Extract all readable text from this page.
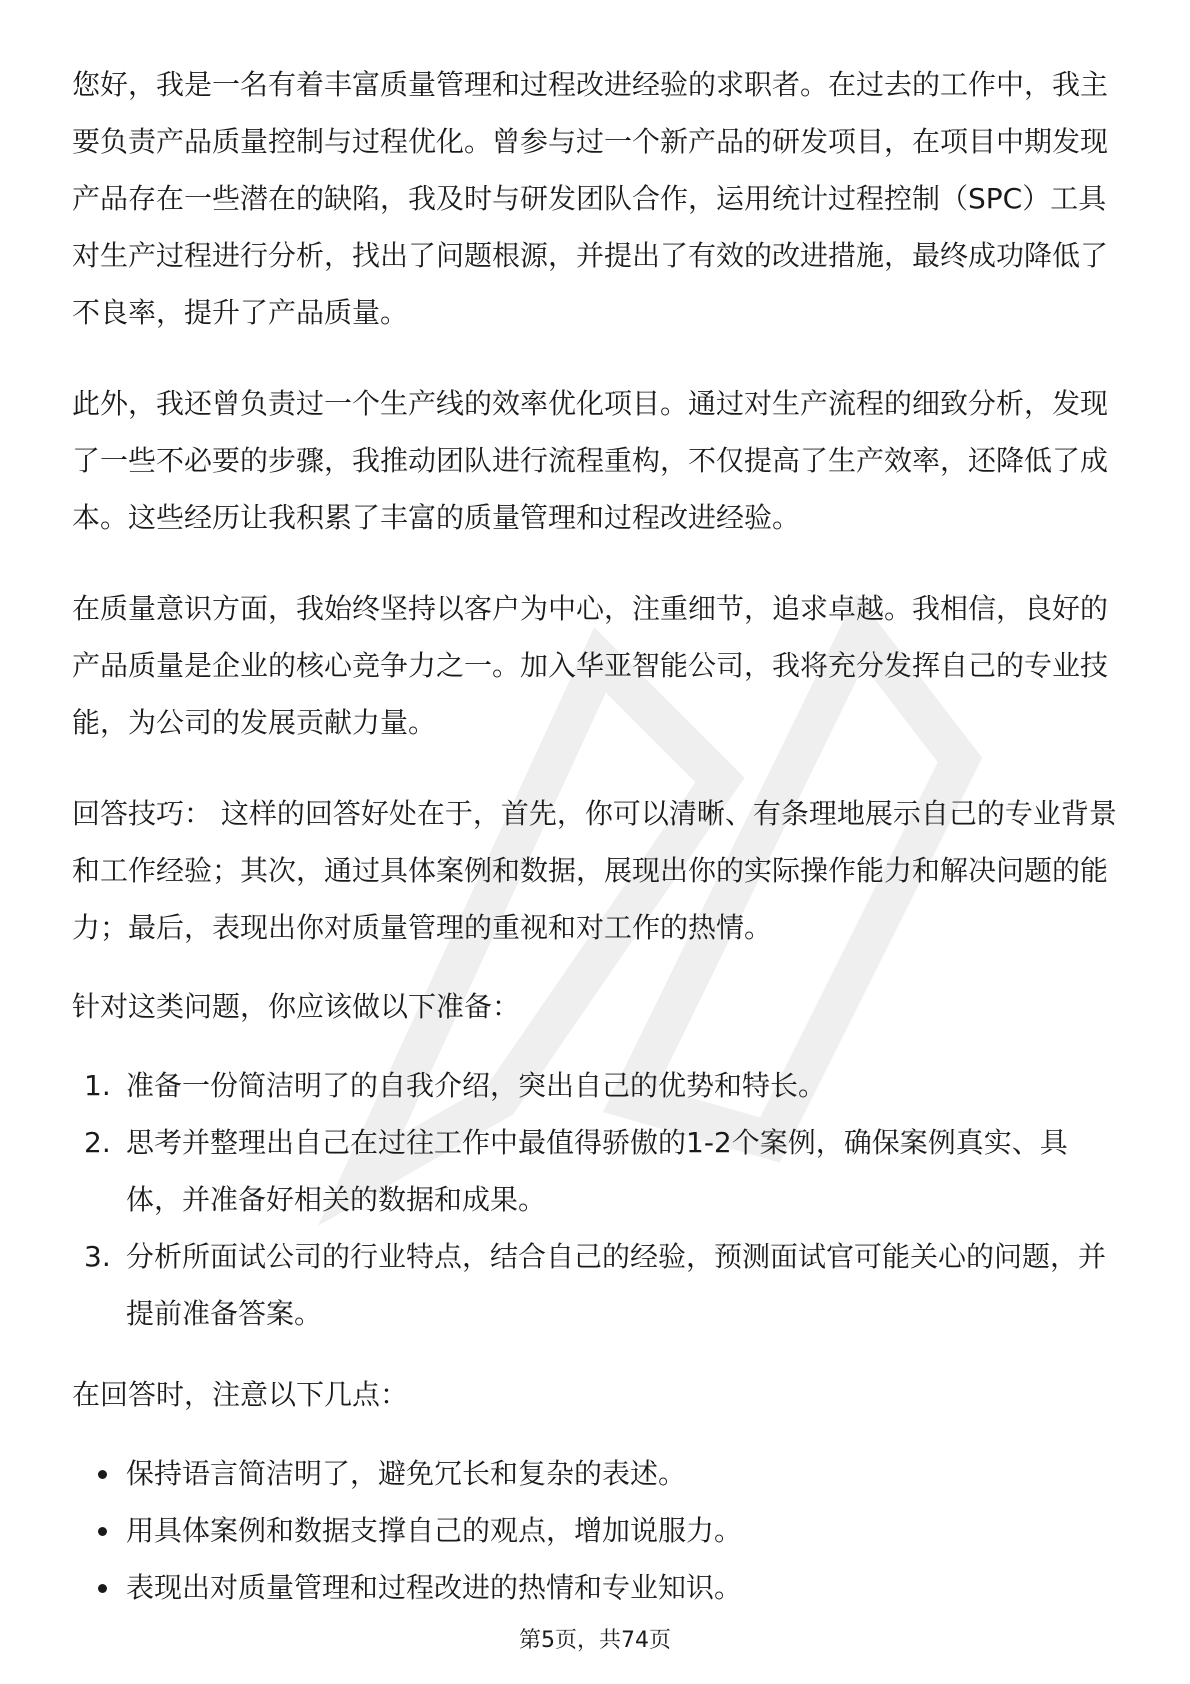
您好，我是一名有着丰富质量管理和过程改进经验的求职者。在过去的工作中，我主要负责产品质量控制与过程优化。曾参与过一个新产品的研发项目，在项目中期发现产品存在一些潜在的缺陷，我及时与研发团队合作，运用统计过程控制（SPC）工具对生产过程进行分析，找出了问题根源，并提出了有效的改进措施，最终成功降低了不良率，提升了产品质量。

此外，我还曾负责过一个生产线的效率优化项目。通过对生产流程的细致分析，发现了一些不必要的步骤，我推动团队进行流程重构，不仅提高了生产效率，还降低了成本。这些经历让我积累了丰富的质量管理和过程改进经验。

在质量意识方面，我始终坚持以客户为中心，注重细节，追求卓越。我相信，良好的产品质量是企业的核心竞争力之一。加入华亚智能公司，我将充分发挥自己的专业技能，为公司的发展贡献力量。

回答技巧： 这样的回答好处在于，首先，你可以清晰、有条理地展示自己的专业背景和工作经验；其次，通过具体案例和数据，展现出你的实际操作能力和解决问题的能力；最后，表现出你对质量管理的重视和对工作的热情。

针对这类问题，你应该做以下准备：

1. 准备一份简洁明了的自我介绍，突出自己的优势和特长。
2. 思考并整理出自己在过往工作中最值得骄傲的1-2个案例，确保案例真实、具体，并准备好相关的数据和成果。
3. 分析所面试公司的行业特点，结合自己的经验，预测面试官可能关心的问题，并提前准备答案。

在回答时，注意以下几点：

保持语言简洁明了，避免冗长和复杂的表述。
用具体案例和数据支撑自己的观点，增加说服力。
表现出对质量管理和过程改进的热情和专业知识。
第5页，共74页
